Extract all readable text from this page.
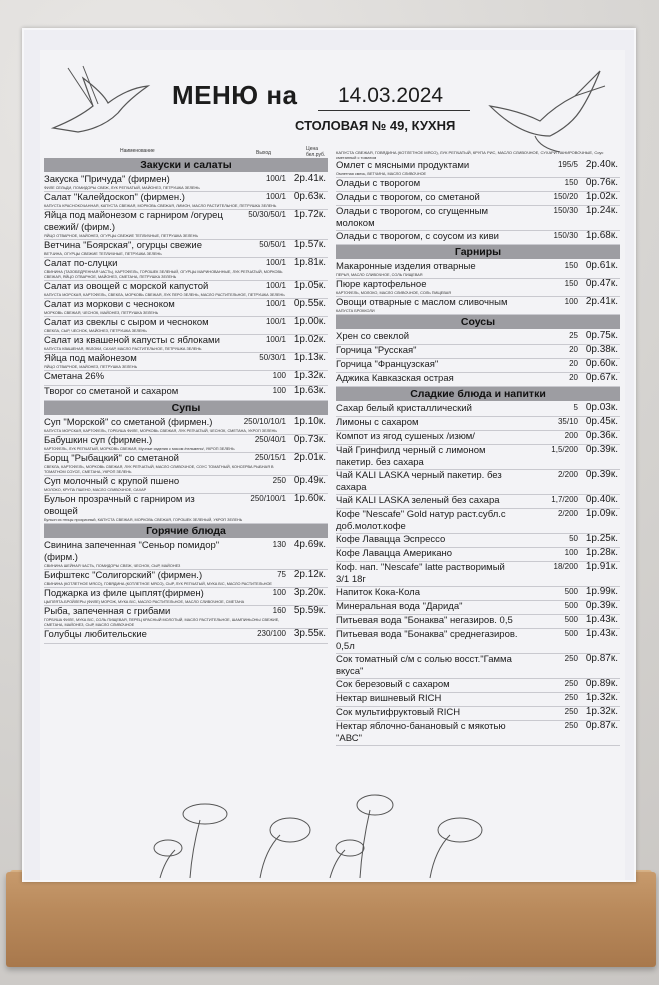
МЕНЮ на 14.03.2024
СТОЛОВАЯ № 49, КУХНЯ
Наименование	Выход
Цена бел.руб.
Закуски и салаты
Закуска "Причуда" (фирмен)
ФИЛЕ СЕЛЬДИ, ПОМИДОРЫ СВЕЖ, ЛУК РЕПЧАТЫЙ, МАЙОНЕЗ, ПЕТРУШКА ЗЕЛЕНЬ
100/1 2р.41к.
Салат "Калейдоскоп" (фирмен.)
КАПУСТА КРАСНОКОЧАННАЯ, КАПУСТА СВЕЖАЯ, МОРКОВЬ СВЕЖАЯ, ЛИМОН, МАСЛО РАСТИТЕЛЬНОЕ, ПЕТРУШКА ЗЕЛЕНЬ
100/1 0р.63к.
Яйца под майонезом с гарниром /огурец свежий/ (фирм.)
ЯЙЦО ОТВАРНОЕ, МАЙОНЕЗ, ОГУРЦЫ СВЕЖИЕ ТЕПЛИЧНЫЕ, ПЕТРУШКА ЗЕЛЕНЬ
50/30/50/1 1р.72к.
Ветчина "Боярская", огурцы свежие
ВЕТЧИНА, ОГУРЦЫ СВЕЖИЕ ТЕПЛИЧНЫЕ, ПЕТРУШКА ЗЕЛЕНЬ
50/50/1 1р.57к.
Салат по-слуцки
СВИНИНА (ТАЗОБЕДРЕННАЯ ЧАСТЬ), КАРТОФЕЛЬ, ГОРОШЕК ЗЕЛЕНЫЙ, ОГУРЦЫ МАРИНОВАННЫЕ, ЛУК РЕПЧАТЫЙ, МОРКОВЬ СВЕЖАЯ, ЯЙЦО ОТВАРНОЕ, МАЙОНЕЗ, СМЕТАНА, ПЕТРУШКА ЗЕЛЕНЬ
100/1 1р.81к.
Салат из овощей с морской капустой
КАПУСТА МОРСКАЯ, КАРТОФЕЛЬ, СВЕКЛА, МОРКОВЬ СВЕЖАЯ, ЛУК ПЕРО ЗЕЛЕНЬ, МАСЛО РАСТИТЕЛЬНОЕ, ПЕТРУШКА ЗЕЛЕНЬ
100/1 1р.05к.
Салат из моркови с чесноком
МОРКОВЬ СВЕЖАЯ, ЧЕСНОК, МАЙОНЕЗ, ПЕТРУШКА ЗЕЛЕНЬ
100/1 0р.55к.
Салат из свеклы с сыром и чесноком
СВЕКЛА, СЫР, ЧЕСНОК, МАЙОНЕЗ, ПЕТРУШКА ЗЕЛЕНЬ
100/1 1р.00к.
Салат из квашеной капусты с яблоками
КАПУСТА КВАШЕНАЯ, ЯБЛОКИ, САХАР, МАСЛО РАСТИТЕЛЬНОЕ, ПЕТРУШКА ЗЕЛЕНЬ
100/1 1р.02к.
Яйца под майонезом
ЯЙЦО ОТВАРНОЕ, МАЙОНЕЗ, ПЕТРУШКА ЗЕЛЕНЬ
50/30/1 1р.13к.
Сметана 26%	100 1р.32к.
Творог со сметаной и сахаром	100 1р.63к.
Супы
Суп "Морской" со сметаной (фирмен.)
КАПУСТА МОРСКАЯ, КАРТОФЕЛЬ, ГОРБУША ФИЛЕ, МОРКОВЬ СВЕЖАЯ, ЛУК РЕПЧАТЫЙ, ЧЕСНОК, СМЕТАНА, УКРОП ЗЕЛЕНЬ
250/10/10/1 1р.10к.
Бабушкин суп (фирмен.)
КАРТОФЕЛЬ, ЛУК РЕПЧАТЫЙ, МОРКОВЬ СВЕЖАЯ, Мучные изделия с мясом /пельмени/, УКРОП ЗЕЛЕНЬ
250/40/1 0р.73к.
Борщ "Рыбацкий" со сметаной
СВЕКЛА, КАРТОФЕЛЬ, МОРКОВЬ СВЕЖАЯ, ЛУК РЕПЧАТЫЙ, МАСЛО СЛИВОЧНОЕ, СОУС ТОМАТНЫЙ, КОНСЕРВА РЫБНАЯ В ТОМАТНОМ СОУСЕ, СМЕТАНА, УКРОП ЗЕЛЕНЬ
250/15/1 2р.01к.
Суп молочный с крупой пшено
МОЛОКО, КРУПА ПШЕНО, МАСЛО СЛИВОЧНОЕ, САХАР
250 0р.49к.
Бульон прозрачный с гарниром из овощей
Бульон из птицы прозрачный, КАПУСТА СВЕЖАЯ, МОРКОВЬ СВЕЖАЯ, ГОРОШЕК ЗЕЛЕНЫЙ, УКРОП ЗЕЛЕНЬ
250/100/1 1р.60к.
Горячие блюда
Свинина запеченная "Сеньор помидор" (фирм.)
СВИНИНА ШЕЙНАЯ ЧАСТЬ, ПОМИДОРЫ СВЕЖ, ЧЕСНОК, СЫР, МАЙОНЕЗ
130 4р.69к.
Бифштекс "Солигорский" (фирмен.)
СВИНИНА (КОТЛЕТНОЕ МЯСО), ГОВЯДИНА (КОТЛЕТНОЕ МЯСО), СЫР, ЛУК РЕПЧАТЫЙ, МУКА В/С, МАСЛО РАСТИТЕЛЬНОЕ
75 2р.12к.
Поджарка из филе цыплят(фирмен)
ЦЫПЛЯТА-БРОЙЛЕРЫ (ФИЛЕ) МОРОЖ, МУКА В/С, МАСЛО РАСТИТЕЛЬНОЕ, МАСЛО СЛИВОЧНОЕ, СМЕТАНА
100 3р.20к.
Рыба, запеченная с грибами
ГОРБУША ФИЛЕ, МУКА В/С, СОЛЬ ПИЩЕВАЯ, ПЕРЕЦ КРАСНЫЙ МОЛОТЫЙ, МАСЛО РАСТИТЕЛЬНОЕ, ШАМПИНЬОНЫ СВЕЖИЕ, СМЕТАНА, МАЙОНЕЗ, СЫР, МАСЛО СЛИВОЧНОЕ
160 5р.59к.
Голубцы любительские	230/100 3р.55к.
КАПУСТА СВЕЖАЯ, ГОВЯДИНА (КОТЛЕТНОЕ МЯСО), ЛУК РЕПЧАТЫЙ, КРУПА РИС, МАСЛО СЛИВОЧНОЕ, СУХАРИ ПАНИРОВОЧНЫЕ, Соус сметанный с томатом
Омлет с мясными продуктами
Омлетная смесь, ВЕТЧИНА, МАСЛО СЛИВОЧНОЕ
195/5 2р.40к.
Оладьи с творогом	150 0р.76к.
Оладьи с творогом, со сметаной	150/20 1р.02к.
Оладьи с творогом, со сгущенным молоком
150/30 1р.24к.
Оладьи с творогом, с соусом из киви	150/30 1р.68к.
Гарниры
Макаронные изделия отварные
ПЕРЬЯ, МАСЛО СЛИВОЧНОЕ, СОЛЬ ПИЩЕВАЯ
150 0р.61к.
Пюре картофельное
КАРТОФЕЛЬ, МОЛОКО, МАСЛО СЛИВОЧНОЕ, СОЛЬ ПИЩЕВАЯ
150 0р.47к.
Овощи отварные с маслом сливочным
КАПУСТА БРОККОЛИ
100 2р.41к.
Соусы
Хрен со свеклой	25 0р.75к.
Горчица "Русская"	20 0р.38к.
Горчица "Французская"	20 0р.60к.
Аджика Кавказская острая	20 0р.67к.
Сладкие блюда и напитки
Сахар белый кристаллический	5 0р.03к.
Лимоны с сахаром	35/10 0р.45к.
Компот из ягод сушеных /изюм/	200 0р.36к.
Чай Гринфилд черный с лимоном пакетир. без сахара
1,5/200 0р.39к.
Чай KALI LASKA черный пакетир. без сахара
2/200 0р.39к.
Чай KALI LASKA зеленый без сахара	1,7/200 0р.40к.
Кофе "Nescafe" Gold натур раст.субл.с доб.молот.кофе
2/200 1р.09к.
Кофе Лавацца Эспрессо	50 1р.25к.
Кофе Лавацца Американо	100 1р.28к.
Коф. нап. "Nescafe" latte растворимый 3/1 18г
18/200 1р.91к.
Напиток Кока-Кола	500 1р.99к.
Минеральная вода "Дарида"	500 0р.39к.
Питьевая вода "Бонаква" негазиров. 0,5	500 1р.43к.
Питьевая вода "Бонаква" среднегазиров. 0,5л
500 1р.43к.
Сок томатный с/м с солью восст."Гамма вкуса"
250 0р.87к.
Сок березовый с сахаром	250 0р.89к.
Нектар вишневый RICH	250 1р.32к.
Сок мультифруктовый RICH	250 1р.32к.
Нектар яблочно-банановый с мякотью "АВС"
250 0р.87к.
